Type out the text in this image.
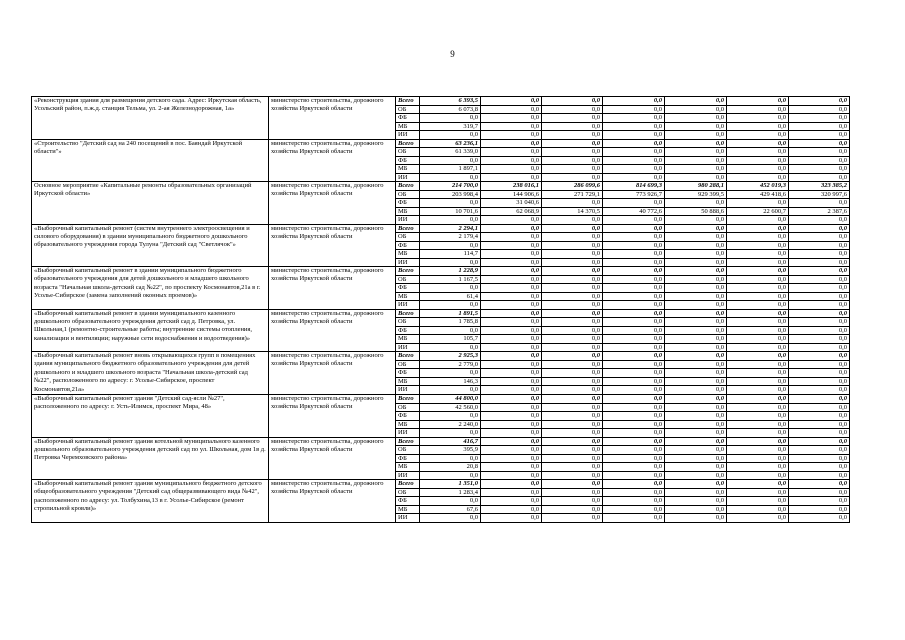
9
«Реконструкция здания для размещения детского сада. Адрес: Иркутская область, Усольский район, п.ж.д. станция Тельма, ул. 2-ая Железнодорожная, 1а»	министерство строительства, дорожного хозяйства Иркутской области	Всего	6 393,5	0,0	0,0	0,0	0,0	0,0	0,0
		ОБ	6 073,8	0,0	0,0	0,0	0,0	0,0	0,0
		ФБ	0,0	0,0	0,0	0,0	0,0	0,0	0,0
		МБ	319,7	0,0	0,0	0,0	0,0	0,0	0,0
		ИИ	0,0	0,0	0,0	0,0	0,0	0,0	0,0
«Строительство "Детский сад на 240 посещений в пос. Баяндай Иркутской области"»	министерство строительства, дорожного хозяйства Иркутской области	Всего	63 236,1	0,0	0,0	0,0	0,0	0,0	0,0
		ОБ	61 339,0	0,0	0,0	0,0	0,0	0,0	0,0
		ФБ	0,0	0,0	0,0	0,0	0,0	0,0	0,0
		МБ	1 897,1	0,0	0,0	0,0	0,0	0,0	0,0
		ИИ	0,0	0,0	0,0	0,0	0,0	0,0	0,0
Основное мероприятие «Капитальные ремонты образовательных организаций Иркутской области»	министерство строительства, дорожного хозяйства Иркутской области	Всего	214 700,0	238 016,1	286 099,6	814 699,3	980 288,1	452 019,3	323 385,2
		ОБ	203 998,4	144 906,6	271 729,1	773 926,7	929 399,5	429 418,6	320 997,6
		ФБ	0,0	31 040,6	0,0	0,0	0,0	0,0	0,0
		МБ	10 701,6	62 068,9	14 370,5	40 772,6	50 888,6	22 600,7	2 387,6
		ИИ	0,0	0,0	0,0	0,0	0,0	0,0	0,0
«Выборочный капитальный ремонт (систем внутреннего электроосвещения и силового оборудования) в здании муниципального бюджетного дошкольного образовательного учреждения города Тулуна "Детский сад "Светлячок"»	министерство строительства, дорожного хозяйства Иркутской области	Всего	2 294,1	0,0	0,0	0,0	0,0	0,0	0,0
		ОБ	2 179,4	0,0	0,0	0,0	0,0	0,0	0,0
		ФБ	0,0	0,0	0,0	0,0	0,0	0,0	0,0
		МБ	114,7	0,0	0,0	0,0	0,0	0,0	0,0
		ИИ	0,0	0,0	0,0	0,0	0,0	0,0	0,0
«Выборочный капитальный ремонт в здании муниципального бюджетного образовательного учреждения для детей дошкольного и младшего школьного возраста "Начальная школа-детский сад №22", по проспекту Космонавтов,21а в г. Усолье-Сибирское (замена заполнений оконных проемов)»	министерство строительства, дорожного хозяйства Иркутской области	Всего	1 228,9	0,0	0,0	0,0	0,0	0,0	0,0
		ОБ	1 167,5	0,0	0,0	0,0	0,0	0,0	0,0
		ФБ	0,0	0,0	0,0	0,0	0,0	0,0	0,0
		МБ	61,4	0,0	0,0	0,0	0,0	0,0	0,0
		ИИ	0,0	0,0	0,0	0,0	0,0	0,0	0,0
«Выборочный капитальный ремонт в здании муниципального казенного дошкольного образовательного учреждения детский сад д. Петровка, ул. Школьная,1 (ремонтно-строительные работы; внутренние системы отопления, канализации и вентиляции; наружные сети водоснабжения и водоотведения)»	министерство строительства, дорожного хозяйства Иркутской области	Всего	1 891,5	0,0	0,0	0,0	0,0	0,0	0,0
		ОБ	1 785,8	0,0	0,0	0,0	0,0	0,0	0,0
		ФБ	0,0	0,0	0,0	0,0	0,0	0,0	0,0
		МБ	105,7	0,0	0,0	0,0	0,0	0,0	0,0
		ИИ	0,0	0,0	0,0	0,0	0,0	0,0	0,0
«Выборочный капитальный ремонт вновь открывающихся групп в помещениях здания муниципального бюджетного образовательного учреждения для детей дошкольного и младшего школьного возраста "Начальная школа-детский сад №22", расположенного по адресу: г. Усолье-Сибирское, проспект Космонавтов,21а»	министерство строительства, дорожного хозяйства Иркутской области	Всего	2 925,3	0,0	0,0	0,0	0,0	0,0	0,0
		ОБ	2 779,0	0,0	0,0	0,0	0,0	0,0	0,0
		ФБ	0,0	0,0	0,0	0,0	0,0	0,0	0,0
		МБ	146,3	0,0	0,0	0,0	0,0	0,0	0,0
		ИИ	0,0	0,0	0,0	0,0	0,0	0,0	0,0
«Выборочный капитальный ремонт здания "Детский сад-ясли №27", расположенного по адресу: г. Усть-Илимск, проспект Мира, 48»	министерство строительства, дорожного хозяйства Иркутской области	Всего	44 800,0	0,0	0,0	0,0	0,0	0,0	0,0
		ОБ	42 560,0	0,0	0,0	0,0	0,0	0,0	0,0
		ФБ	0,0	0,0	0,0	0,0	0,0	0,0	0,0
		МБ	2 240,0	0,0	0,0	0,0	0,0	0,0	0,0
		ИИ	0,0	0,0	0,0	0,0	0,0	0,0	0,0
«Выборочный капитальный ремонт здания котельной муниципального казенного дошкольного образовательного учреждения детский сад по ул. Школьная, дом 1в д. Петровка Черемховского района»	министерство строительства, дорожного хозяйства Иркутской области	Всего	416,7	0,0	0,0	0,0	0,0	0,0	0,0
		ОБ	395,9	0,0	0,0	0,0	0,0	0,0	0,0
		ФБ	0,0	0,0	0,0	0,0	0,0	0,0	0,0
		МБ	20,8	0,0	0,0	0,0	0,0	0,0	0,0
		ИИ	0,0	0,0	0,0	0,0	0,0	0,0	0,0
«Выборочный капитальный ремонт здания муниципального бюджетного детского общеобразовательного учреждения "Детский сад общеразвивающего вида №42", расположенного по адресу: ул. Толбухина,13 в г. Усолье-Сибирское (ремонт стропильной кровли)»	министерство строительства, дорожного хозяйства Иркутской области	Всего	1 351,0	0,0	0,0	0,0	0,0	0,0	0,0
		ОБ	1 283,4	0,0	0,0	0,0	0,0	0,0	0,0
		ФБ	0,0	0,0	0,0	0,0	0,0	0,0	0,0
		МБ	67,6	0,0	0,0	0,0	0,0	0,0	0,0
		ИИ	0,0	0,0	0,0	0,0	0,0	0,0	0,0
